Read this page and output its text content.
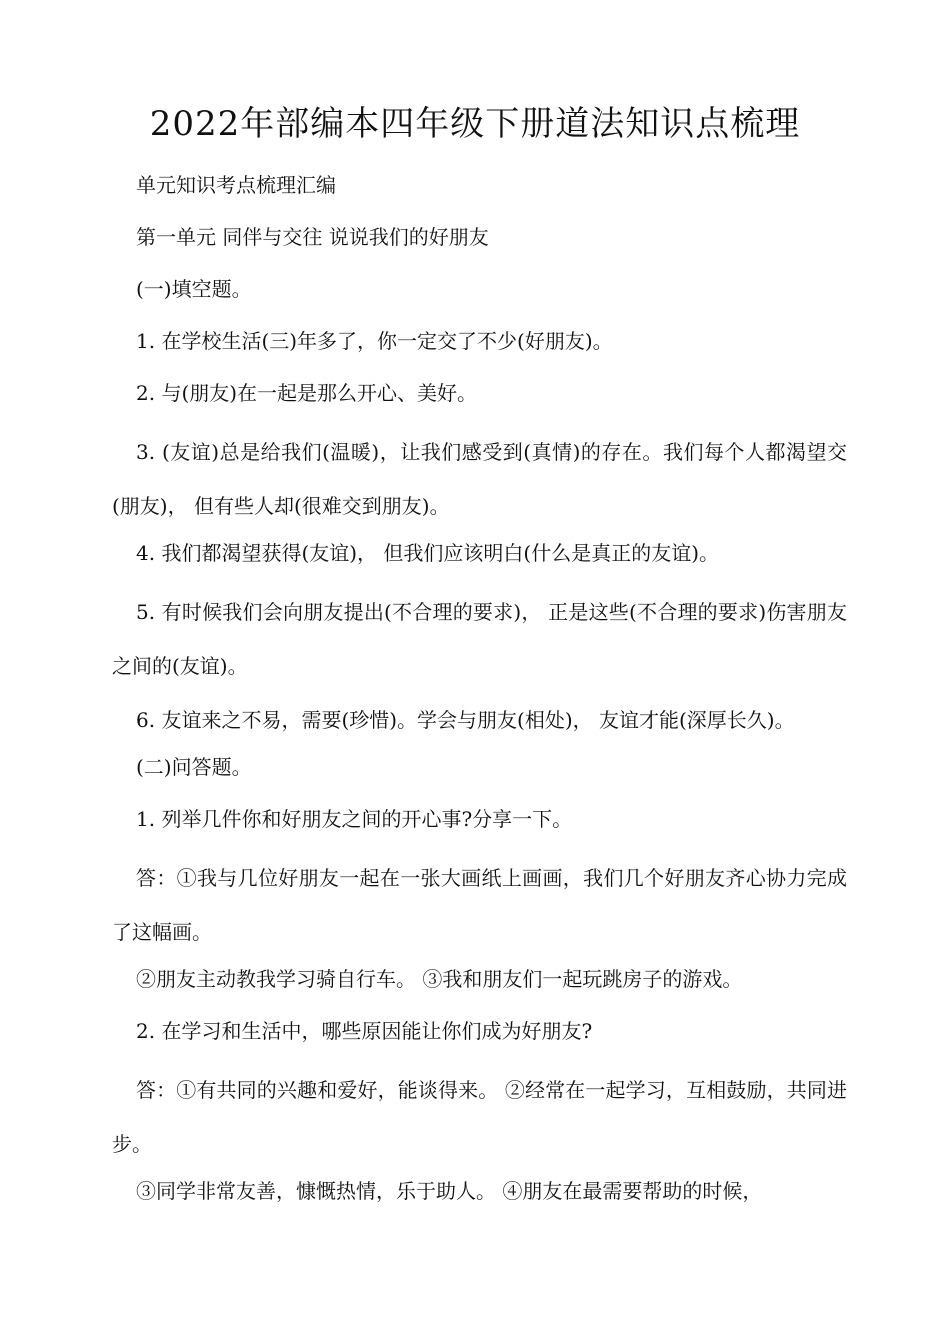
2022年部编本四年级下册道法知识点梳理

单元知识考点梳理汇编

第一单元 同伴与交往 说说我们的好朋友

(一)填空题。

1. 在学校生活(三)年多了，你一定交了不少(好朋友)。

2. 与(朋友)在一起是那么开心、美好。

3. (友谊)总是给我们(温暖)，让我们感受到(真情)的存在。我们每个人都渴望交(朋友)， 但有些人却(很难交到朋友)。

4. 我们都渴望获得(友谊)， 但我们应该明白(什么是真正的友谊)。

5. 有时候我们会向朋友提出(不合理的要求)， 正是这些(不合理的要求)伤害朋友之间的(友谊)。

6. 友谊来之不易，需要(珍惜)。学会与朋友(相处)， 友谊才能(深厚长久)。

(二)问答题。

1. 列举几件你和好朋友之间的开心事?分享一下。

答：①我与几位好朋友一起在一张大画纸上画画，我们几个好朋友齐心协力完成了这幅画。

②朋友主动教我学习骑自行车。 ③我和朋友们一起玩跳房子的游戏。

2. 在学习和生活中，哪些原因能让你们成为好朋友?

答：①有共同的兴趣和爱好，能谈得来。 ②经常在一起学习，互相鼓励，共同进步。

③同学非常友善，慷慨热情，乐于助人。 ④朋友在最需要帮助的时候，
